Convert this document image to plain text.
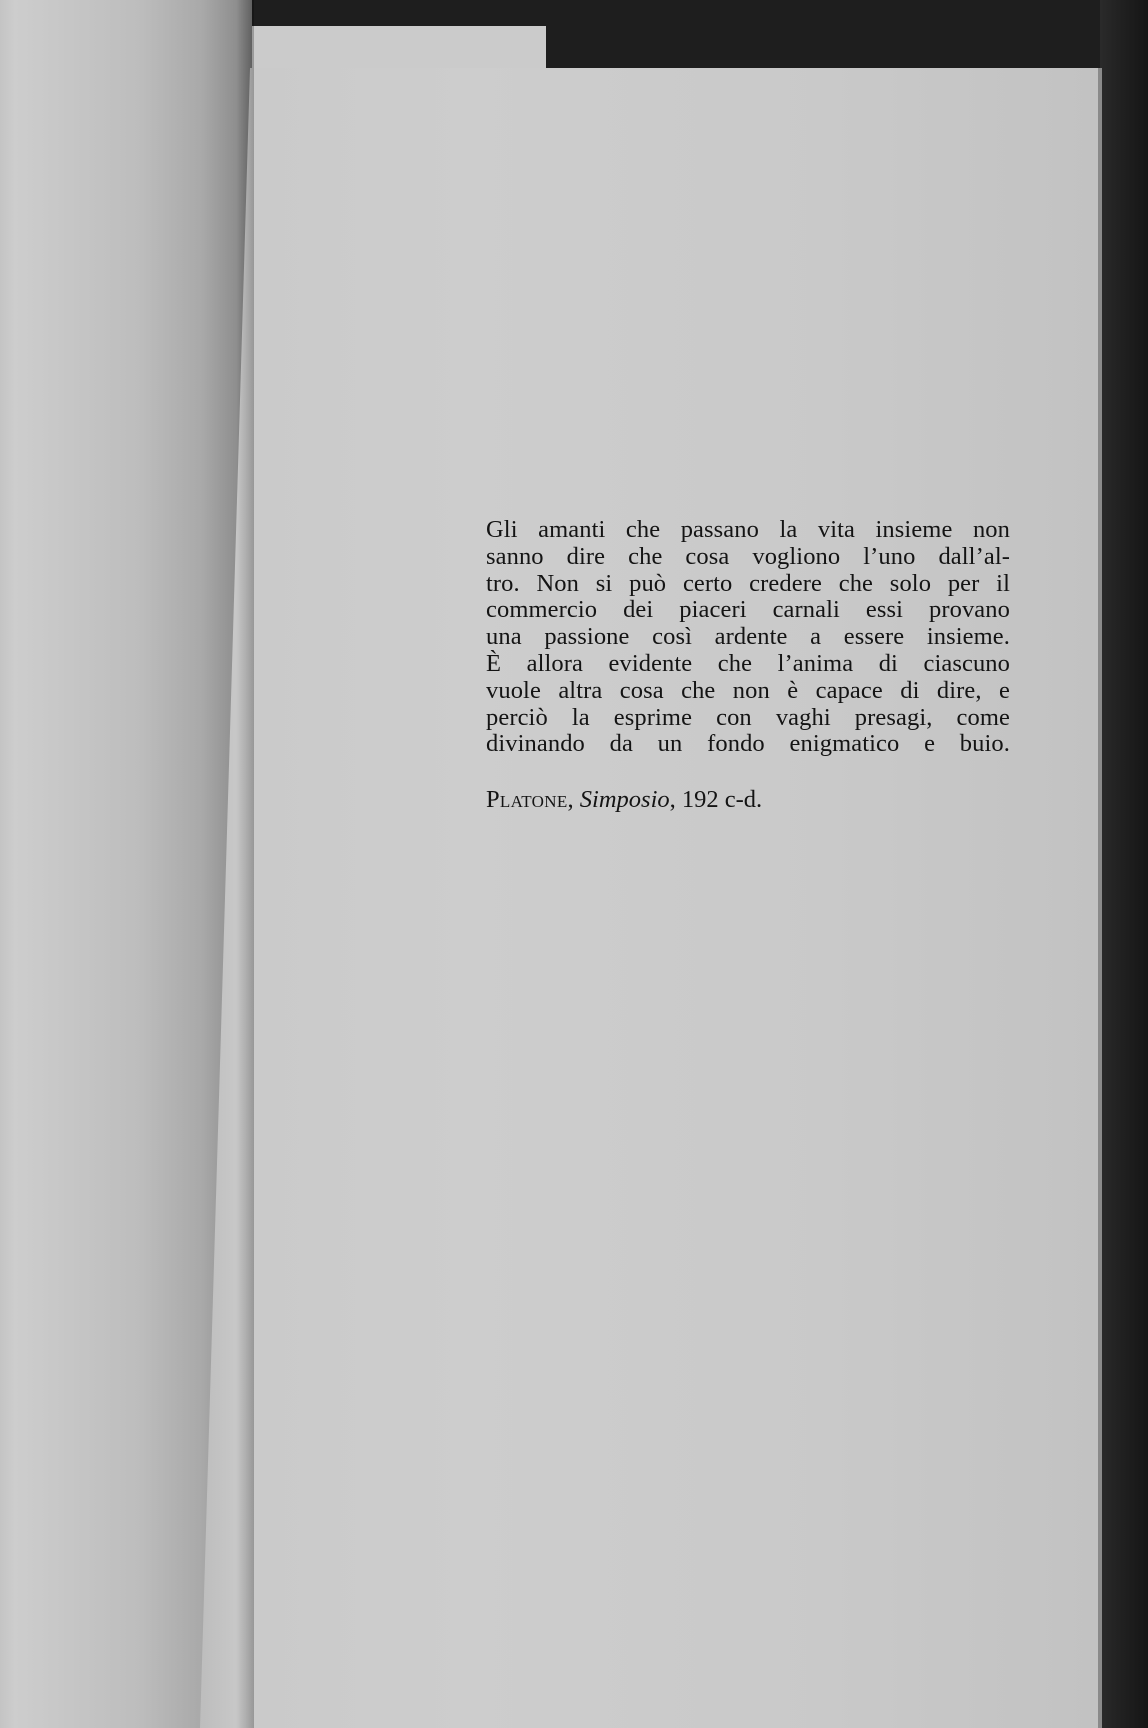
Gli amanti che passano la vita insieme non
sanno dire che cosa vogliono l’uno dall’al-
tro. Non si può certo credere che solo per il
commercio dei piaceri carnali essi provano
una passione così ardente a essere insieme.
È allora evidente che l’anima di ciascuno
vuole altra cosa che non è capace di dire, e
perciò la esprime con vaghi presagi, come
divinando da un fondo enigmatico e buio.
Platone, Simposio, 192 c-d.
